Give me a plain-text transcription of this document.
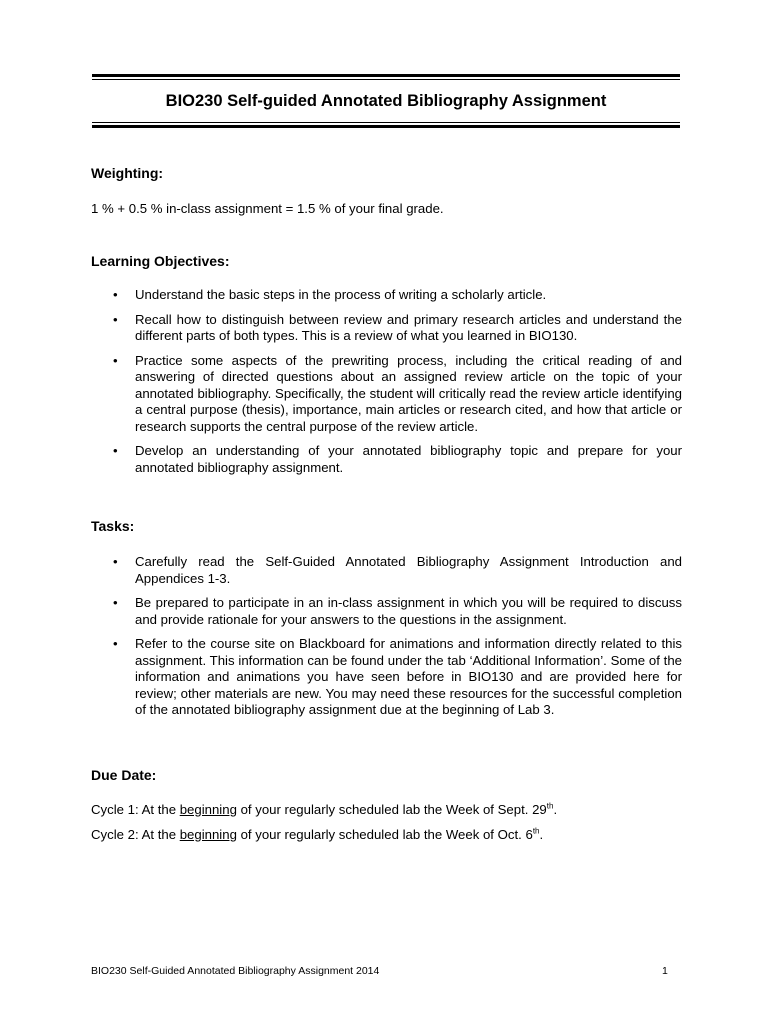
BIO230 Self-guided Annotated Bibliography Assignment
Weighting:

1 % + 0.5 % in-class assignment = 1.5 % of your final grade.

Learning Objectives:
• Understand the basic steps in the process of writing a scholarly article.
• Recall how to distinguish between review and primary research articles and understand the different parts of both types. This is a review of what you learned in BIO130.
• Practice some aspects of the prewriting process, including the critical reading of and answering of directed questions about an assigned review article on the topic of your annotated bibliography. Specifically, the student will critically read the review article identifying a central purpose (thesis), importance, main articles or research cited, and how that article or research supports the central purpose of the review article.
• Develop an understanding of your annotated bibliography topic and prepare for your annotated bibliography assignment.
Tasks:
• Carefully read the Self-Guided Annotated Bibliography Assignment Introduction and Appendices 1-3.
• Be prepared to participate in an in-class assignment in which you will be required to discuss and provide rationale for your answers to the questions in the assignment.
• Refer to the course site on Blackboard for animations and information directly related to this assignment. This information can be found under the tab ‘Additional Information’. Some of the information and animations you have seen before in BIO130 and are provided here for review; other materials are new. You may need these resources for the successful completion of the annotated bibliography assignment due at the beginning of Lab 3.
Due Date:

Cycle 1: At the beginning of your regularly scheduled lab the Week of Sept. 29th.

Cycle 2: At the beginning of your regularly scheduled lab the Week of Oct. 6th.

BIO230 Self-Guided Annotated Bibliography Assignment 2014	1
